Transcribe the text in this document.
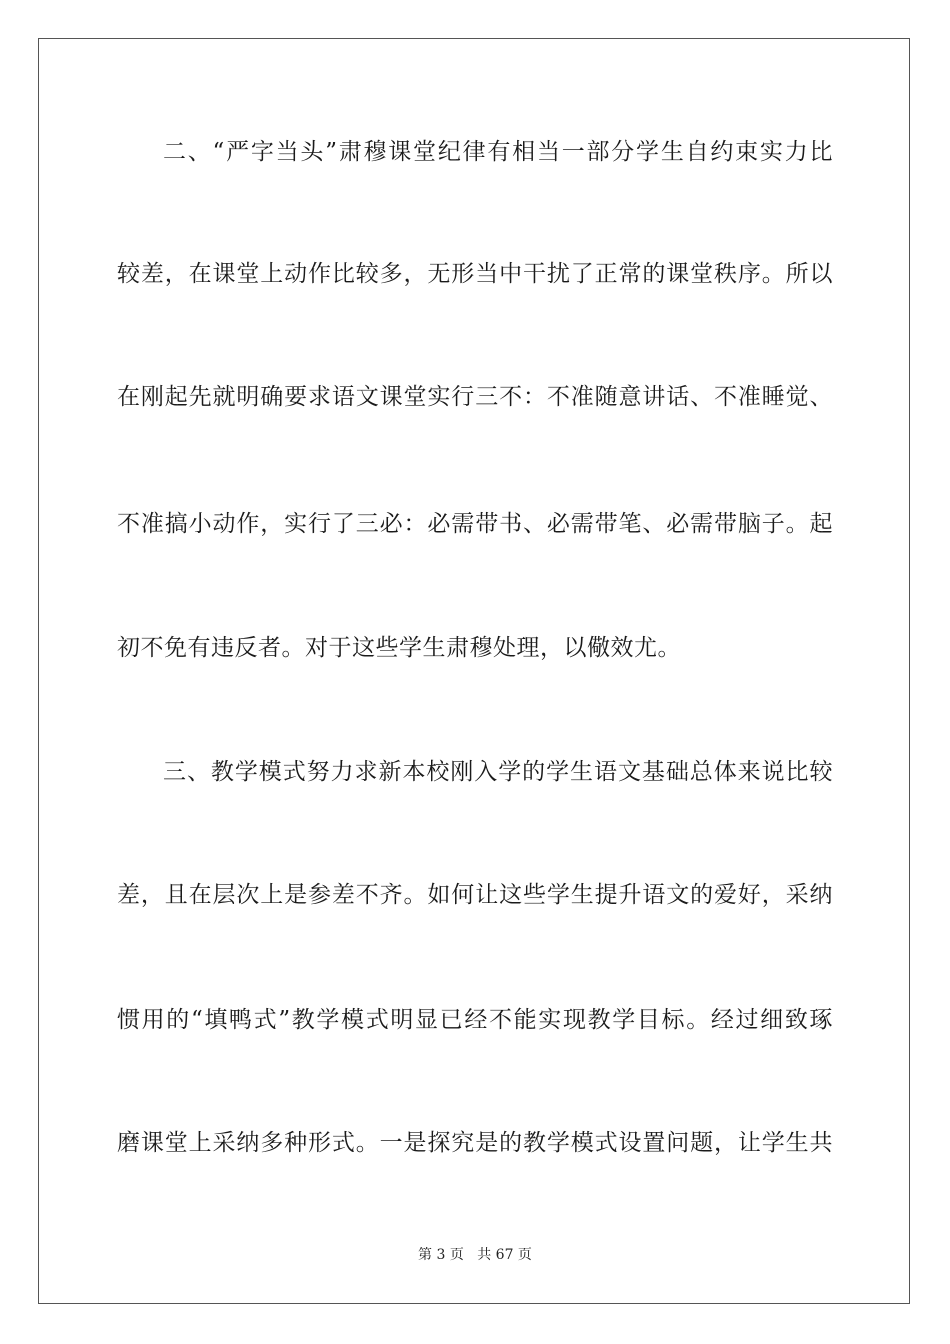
二、“严字当头”肃穆课堂纪律有相当一部分学生自约束实力比
较差，在课堂上动作比较多，无形当中干扰了正常的课堂秩序。所以
在刚起先就明确要求语文课堂实行三不：不准随意讲话、不准睡觉、
不准搞小动作，实行了三必：必需带书、必需带笔、必需带脑子。起
初不免有违反者。对于这些学生肃穆处理，以儆效尤。
三、教学模式努力求新本校刚入学的学生语文基础总体来说比较
差，且在层次上是参差不齐。如何让这些学生提升语文的爱好，采纳
惯用的“填鸭式”教学模式明显已经不能实现教学目标。经过细致琢
磨课堂上采纳多种形式。一是探究是的教学模式设置问题，让学生共
第 3 页 共 67 页
